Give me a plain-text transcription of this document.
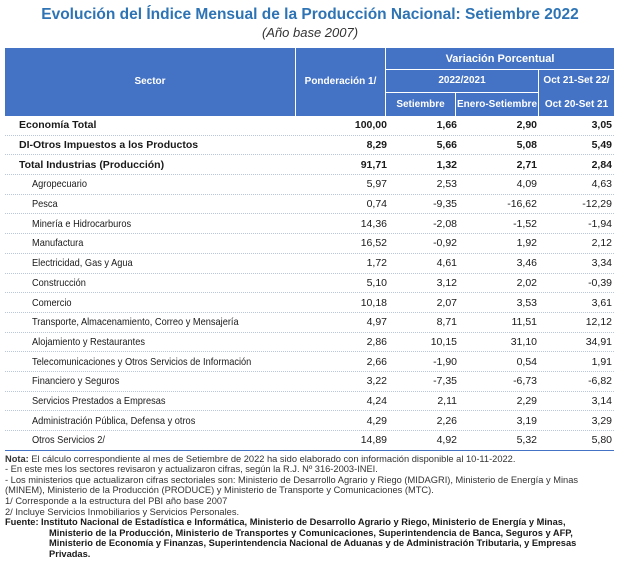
Evolución del Índice Mensual de la Producción Nacional: Setiembre 2022
(Año base 2007)
Sector	Ponderación 1/
Variación Porcentual
2022/2021
Setiembre	Enero-Setiembre
Oct 21-Set 22/
Oct 20-Set 21
Economía Total	100,00	1,66	2,90	3,05
DI-Otros Impuestos a los Productos	8,29	5,66	5,08	5,49
Total Industrias (Producción)	91,71	1,32	2,71	2,84
Agropecuario	5,97	2,53	4,09	4,63
Pesca	0,74	-9,35	-16,62	-12,29
Minería e Hidrocarburos	14,36	-2,08	-1,52	-1,94
Manufactura	16,52	-0,92	1,92	2,12
Electricidad, Gas y Agua	1,72	4,61	3,46	3,34
Construcción	5,10	3,12	2,02	-0,39
Comercio	10,18	2,07	3,53	3,61
Transporte, Almacenamiento, Correo y Mensajería	4,97	8,71	11,51	12,12
Alojamiento y Restaurantes	2,86	10,15	31,10	34,91
Telecomunicaciones y Otros Servicios de Información	2,66	-1,90	0,54	1,91
Financiero y Seguros	3,22	-7,35	-6,73	-6,82
Servicios Prestados a Empresas	4,24	2,11	2,29	3,14
Administración Pública, Defensa y otros	4,29	2,26	3,19	3,29
Otros Servicios 2/	14,89	4,92	5,32	5,80
Nota: El cálculo correspondiente al mes de Setiembre de 2022 ha sido elaborado con información disponible al 10-11-2022.
- En este mes los sectores revisaron y actualizaron cifras, según la R.J. Nº 316-2003-INEI.
- Los ministerios que actualizaron cifras sectoriales son: Ministerio de Desarrollo Agrario y Riego (MIDAGRI), Ministerio de Energía y Minas
(MINEM), Ministerio de la Producción (PRODUCE) y Ministerio de Transporte y Comunicaciones (MTC).
1/ Corresponde a la estructura del PBI año base 2007
2/ Incluye Servicios Inmobiliarios y Servicios Personales.
Fuente: Instituto Nacional de Estadística e Informática, Ministerio de Desarrollo Agrario y Riego, Ministerio de Energía y Minas,
Ministerio de la Producción, Ministerio de Transportes y Comunicaciones, Superintendencia de Banca, Seguros y AFP,
Ministerio de Economía y Finanzas, Superintendencia Nacional de Aduanas y de Administración Tributaria, y Empresas Privadas.
